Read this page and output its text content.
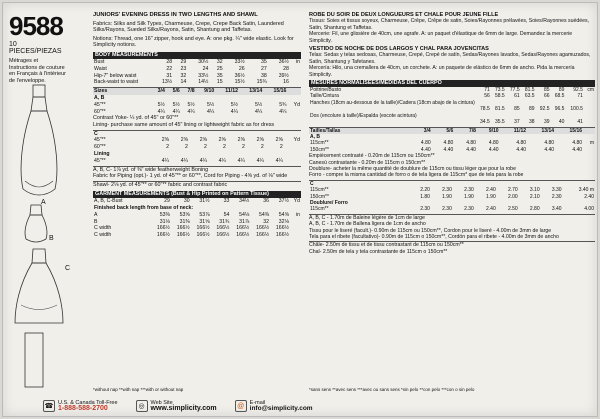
9588
10 PIECES/PIEZAS
Métrages et Instructions de couture en Français à l'intérieur de l'enveloppe.
A
B
C
JUNIORS' EVENING DRESS IN TWO LENGTHS AND SHAWL
Fabrics: Silks and Silk Types, Charmeuse, Crepe, Crepe Back Satin, Laundered Silks/Rayons, Sueded Silks/Rayons, Satin, Shantung and Taffetas.
Notions: Thread, one 16" zipper, hook and eye. A: one pkg. ¼" wide elastic. Look for Simplicity notions.
BODY MEASUREMENTS
Bust	28	29	30½	32	33½	35	36½	in
Waist	22	23	24	25	26	27	28	
Hip-7" below waist	31	32	33½	35	36½	38	39½	
Back-waist to waist	13½	14	14½	15	15½	15¾	16	
Sizes	3/4	5/6	7/8	9/10	11/12	13/14	15/16	
A, B								
45"**	5½	5½	5½	5½	5½	5½	5¾	Yd
60"**	4¼	4¼	4¼	4¼	4¼	4¼	4¼	
Contrast Yoke- ¼ yd. of 45" or 60"**
Lining- purchase same amount of 45" lining or lightweight fabric as for dress
C								
45"**	2⅝	2⅝	2⅝	2⅝	2⅝	2⅝	2⅝	Yd
60"**	2	2	2	2	2	2	2	
Lining								
45"**	4¼	4¼	4¼	4¼	4¼	4¼	4¼	
A, B, C- 1⅞ yd. of ⅜" wide featherweight Boning
Fabric for Piping (opt.)- 1 yd. of 45"** or 60"**, Cord for Piping - 4⅝ yd. of ⅛" wide
Shawl- 2⅛ yd. of 45"** or 60"** fabric and contrast fabric
GARMENT MEASUREMENTS (Bust & Hip Printed on Pattern Tissue)
A, B, C-Bust	29	30	31½	33	34½	36	37½	Yd
Finished back length from base of neck:								
A	53⅜	53⅝	53⅞	54	54⅛	54⅜	54⅝	in
B	31⅛	31⅜	31⅝	31¾	31⅞	32	32⅛	
C width	166½	166½	166½	166½	166½	166½	166½	
C width	166½	166½	166½	166½	166½	166½	166½	
*without nap **with nap ***with or without nap
ROBE DU SOIR DE DEUX LONGUEURS ET CHALE POUR JEUNE FILLE
Tissus: Soies et tissus soyeux, Charmeuse, Crêpe, Crêpe de satin, Soies/Rayonnes prélavées, Soies/Rayonnes suédées, Satin, Shantung et Taffetas.
Mercerie: Fil, une glissière de 40cm, une agrafe. A: un paquet d'élastique de 6mm de large. Demandez la mercerie Simplicity.
VESTIDO DE NOCHE DE DOS LARGOS Y CHAL PARA JOVENCITAS
Telas: Sedas y telas sedosas, Charmeuse, Crepé, Crepé de satín, Sedas/Rayones lavados, Sedas/Rayones agamuzados, Satín, Shantung y Tafetanes.
Mercería: Hilo, una cremallera de 40cm, un corchete. A: un paquete de elástico de 6mm de ancho. Pida la mercería Simplicity.
MESURES NORMALISEES/MEDIDAS DEL CUERPO
Poitrine/Busto	71	73.5	77.5	81.5	85	89	92.5	cm
Taille/Cintura	56	58.5	61	63.5	66	68.5	71	
Hanches (18cm au-dessous de la taille)/Cadera (18cm abajo de la cintura)								
	78.5	81.5	85	89	92.5	96.5	100.5	
Dos (encolure à taille)/Espalda (escote acintura)								
	34.5	35.5	37	38	39	40	41	
Tailles/Tallas	3/4	5/6	7/8	9/10	11/12	13/14	15/16	
A, B								
115cm**	4.80	4.80	4.80	4.80	4.80	4.80	4.80	m
150cm**	4.40	4.40	4.40	4.40	4.40	4.40	4.40	
Empiècement contrasté - 0.20m de 115cm ou 150cm**
Canesú contrastante - 0.20m de 115cm o 150cm**
Doublure- acheter la même quantité de doublure de 115cm ou tissu léger que pour la robe
Forro - compre la misma cantidad de forro o de tela ligera de 115cm* que de tela para la robe
C								
115cm**	2.20	2.30	2.30	2.40	2.70	3.10	3.30	3.40 m
150cm**	1.80	1.90	1.90	1.90	2.00	2.10	2.30	2.40
Doublure/ Forro								
115cm**	2.30	2.30	2.30	2.40	2.50	2.80	3.40	4.00
A, B, C - 1.70m de Baleine légère de 1cm de large
A, B, C - 1.70m de Ballena ligera de 1cm de ancho
Tissu pour le liseré (facult.)- 0.90m de 115cm ou 150cm**, Cordon pour le liseré - 4.00m de 3mm de large
Tela para el ribete (facultativo)- 0.90m de 115cm o 150cm**, Cordón para el ribete - 4.00m de 3mm de ancho
Châle- 2.50m de tissu et de tissu contrastant de 115cm ou 150cm**
Chal- 2.50m de tela y tela contrastante de 115cm o 150cm**
*sans sens **avec sens ***avec ou sans sens *sin pelo **con pelo ***con o sin pelo
☎
U.S. & Canada Toll-Free
1-888-588-2700	◎
Web Site
www.simplicity.com	@ E-mail
info@simplicity.com
